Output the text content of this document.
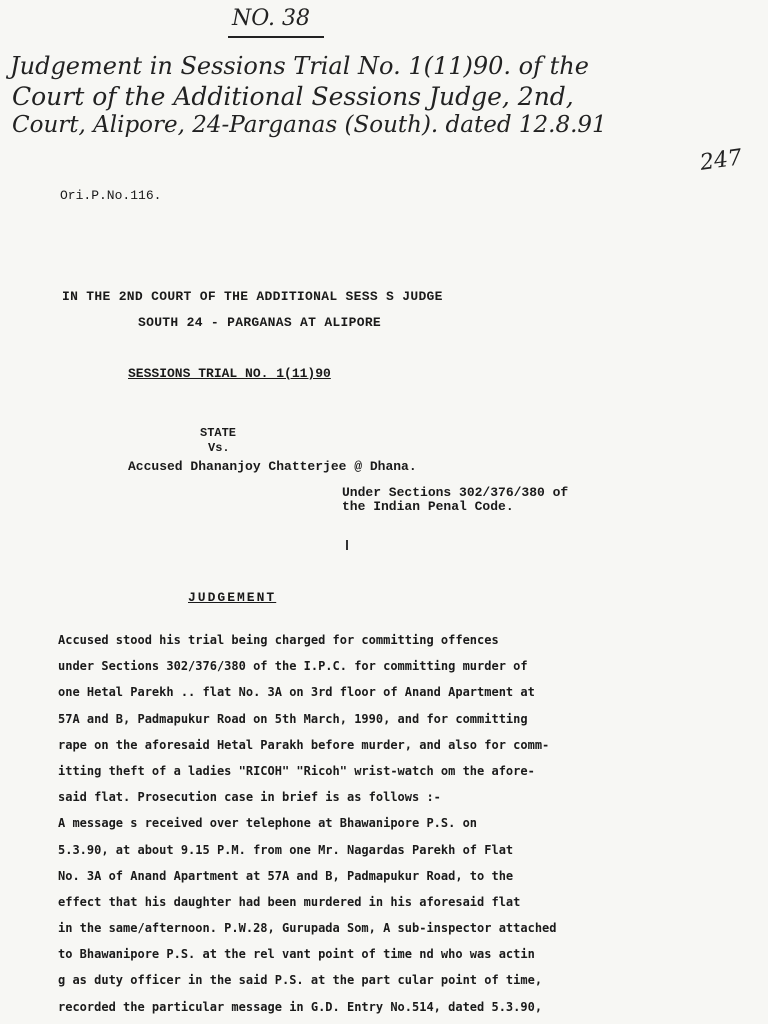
NO. 38
Judgement in Sessions Trial No. 1(11)90. of the
Court of the Additional Sessions Judge, 2nd,
Court, Alipore, 24-Parganas (South). dated 12.8.91
247
Ori.P.No.116.
IN THE 2ND COURT OF THE ADDITIONAL SESS S JUDGE
SOUTH 24 - PARGANAS AT ALIPORE
SESSIONS TRIAL NO. 1(11)90
STATE
Vs.
Accused Dhananjoy Chatterjee @ Dhana.
Under Sections 302/376/380 of
the Indian Penal Code.
JUDGEMENT
Accused stood his trial being charged for committing offences
under Sections 302/376/380 of the I.P.C. for committing murder of
one Hetal Parekh .. flat No. 3A on 3rd floor of Anand Apartment at
57A and B, Padmapukur Road on 5th March, 1990, and for committing
rape on the aforesaid Hetal Parakh before murder, and also for comm-
itting theft of a ladies "RICOH" "Ricoh" wrist-watch om the afore-
said flat. Prosecution case in brief is as follows :-
A message s received over telephone at Bhawanipore P.S. on
5.3.90, at about 9.15 P.M. from one Mr. Nagardas Parekh of Flat
No. 3A of Anand Apartment at 57A and B, Padmapukur Road, to the
effect that his daughter had been murdered in his aforesaid flat
in the same/afternoon. P.W.28, Gurupada Som, A sub-inspector attached
to Bhawanipore P.S. at the rel vant point of time nd who was actin
g as duty officer in the said P.S. at the part cular point of time,
recorded the particular message in G.D. Entry No.514, dated 5.3.90,
